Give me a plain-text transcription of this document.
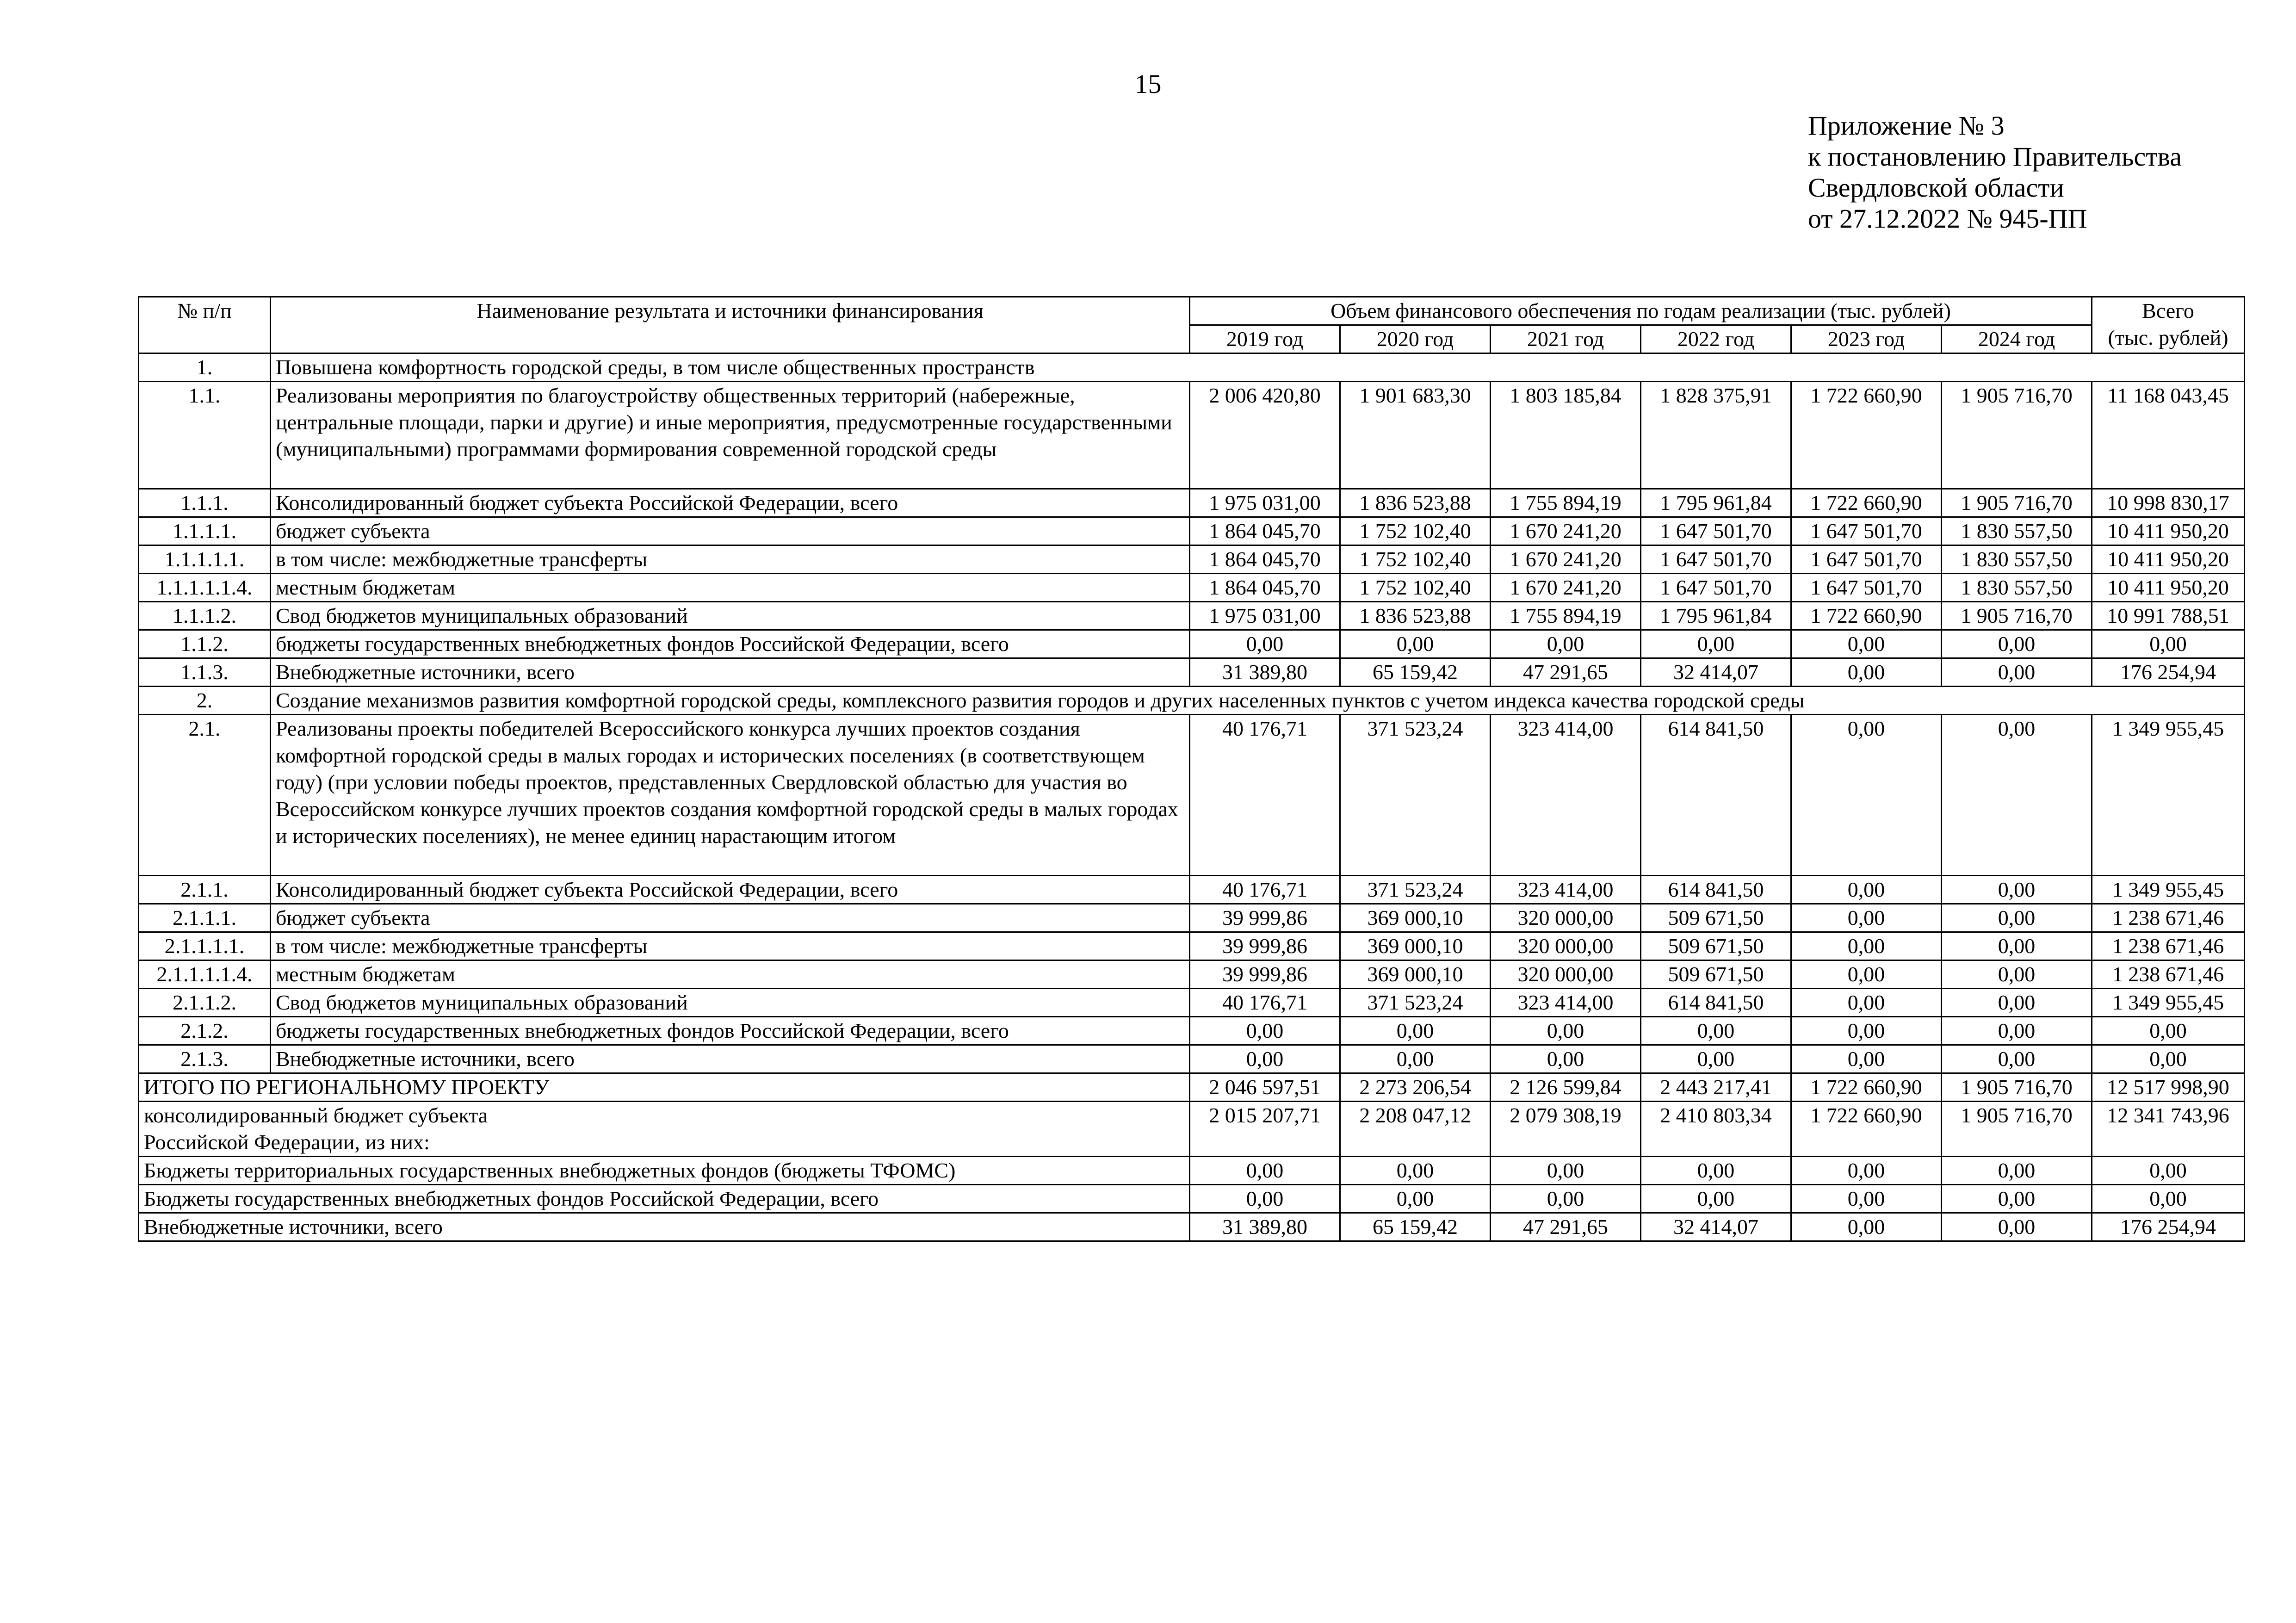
15
Приложение № 3
к постановлению Правительства
Свердловской области
от 27.12.2022 № 945-ПП
№ п/п	Наименование результата и источники финансирования	Объем финансового обеспечения по годам реализации (тыс. рублей)						Всего
(тыс. рублей)

		2019 год	2020 год	2021 год	2022 год	2023 год	2024 год	
1.	Повышена комфортность городской среды, в том числе общественных пространств							
1.1.	Реализованы мероприятия по благоустройству общественных территорий (набережные, центральные площади, парки и другие) и иные мероприятия, предусмотренные государственными (муниципальными) программами формирования современной городской среды	2 006 420,80	1 901 683,30	1 803 185,84	1 828 375,91	1 722 660,90	1 905 716,70	11 168 043,45
1.1.1.	Консолидированный бюджет субъекта Российской Федерации, всего	1 975 031,00	1 836 523,88	1 755 894,19	1 795 961,84	1 722 660,90	1 905 716,70	10 998 830,17
1.1.1.1.	бюджет субъекта	1 864 045,70	1 752 102,40	1 670 241,20	1 647 501,70	1 647 501,70	1 830 557,50	10 411 950,20
1.1.1.1.1.	в том числе: межбюджетные трансферты	1 864 045,70	1 752 102,40	1 670 241,20	1 647 501,70	1 647 501,70	1 830 557,50	10 411 950,20
1.1.1.1.1.4.	местным бюджетам	1 864 045,70	1 752 102,40	1 670 241,20	1 647 501,70	1 647 501,70	1 830 557,50	10 411 950,20
1.1.1.2.	Свод бюджетов муниципальных образований	1 975 031,00	1 836 523,88	1 755 894,19	1 795 961,84	1 722 660,90	1 905 716,70	10 991 788,51
1.1.2.	бюджеты государственных внебюджетных фондов Российской Федерации, всего	0,00	0,00	0,00	0,00	0,00	0,00	0,00
1.1.3.	Внебюджетные источники, всего	31 389,80	65 159,42	47 291,65	32 414,07	0,00	0,00	176 254,94
2.	Создание механизмов развития комфортной городской среды, комплексного развития городов и других населенных пунктов с учетом индекса качества городской среды							
2.1.	Реализованы проекты победителей Всероссийского конкурса лучших проектов создания комфортной городской среды в малых городах и исторических поселениях (в соответствующем году) (при условии победы проектов, представленных Свердловской областью для участия во Всероссийском конкурсе лучших проектов создания комфортной городской среды в малых городах и исторических поселениях), не менее единиц нарастающим итогом	40 176,71	371 523,24	323 414,00	614 841,50	0,00	0,00	1 349 955,45
2.1.1.	Консолидированный бюджет субъекта Российской Федерации, всего	40 176,71	371 523,24	323 414,00	614 841,50	0,00	0,00	1 349 955,45
2.1.1.1.	бюджет субъекта	39 999,86	369 000,10	320 000,00	509 671,50	0,00	0,00	1 238 671,46
2.1.1.1.1.	в том числе: межбюджетные трансферты	39 999,86	369 000,10	320 000,00	509 671,50	0,00	0,00	1 238 671,46
2.1.1.1.1.4.	местным бюджетам	39 999,86	369 000,10	320 000,00	509 671,50	0,00	0,00	1 238 671,46
2.1.1.2.	Свод бюджетов муниципальных образований	40 176,71	371 523,24	323 414,00	614 841,50	0,00	0,00	1 349 955,45
2.1.2.	бюджеты государственных внебюджетных фондов Российской Федерации, всего	0,00	0,00	0,00	0,00	0,00	0,00	0,00
2.1.3.	Внебюджетные источники, всего	0,00	0,00	0,00	0,00	0,00	0,00	0,00
ИТОГО ПО РЕГИОНАЛЬНОМУ ПРОЕКТУ		2 046 597,51	2 273 206,54	2 126 599,84	2 443 217,41	1 722 660,90	1 905 716,70	12 517 998,90

консолидированный бюджет субъекта
Российской Федерации, из них:		2 015 207,71	2 208 047,12	2 079 308,19	2 410 803,34	1 722 660,90	1 905 716,70	12 341 743,96
Бюджеты территориальных государственных внебюджетных фондов (бюджеты ТФОМС)		0,00	0,00	0,00	0,00	0,00	0,00	0,00
Бюджеты государственных внебюджетных фондов Российской Федерации, всего		0,00	0,00	0,00	0,00	0,00	0,00	0,00
Внебюджетные источники, всего		31 389,80	65 159,42	47 291,65	32 414,07	0,00	0,00	176 254,94
